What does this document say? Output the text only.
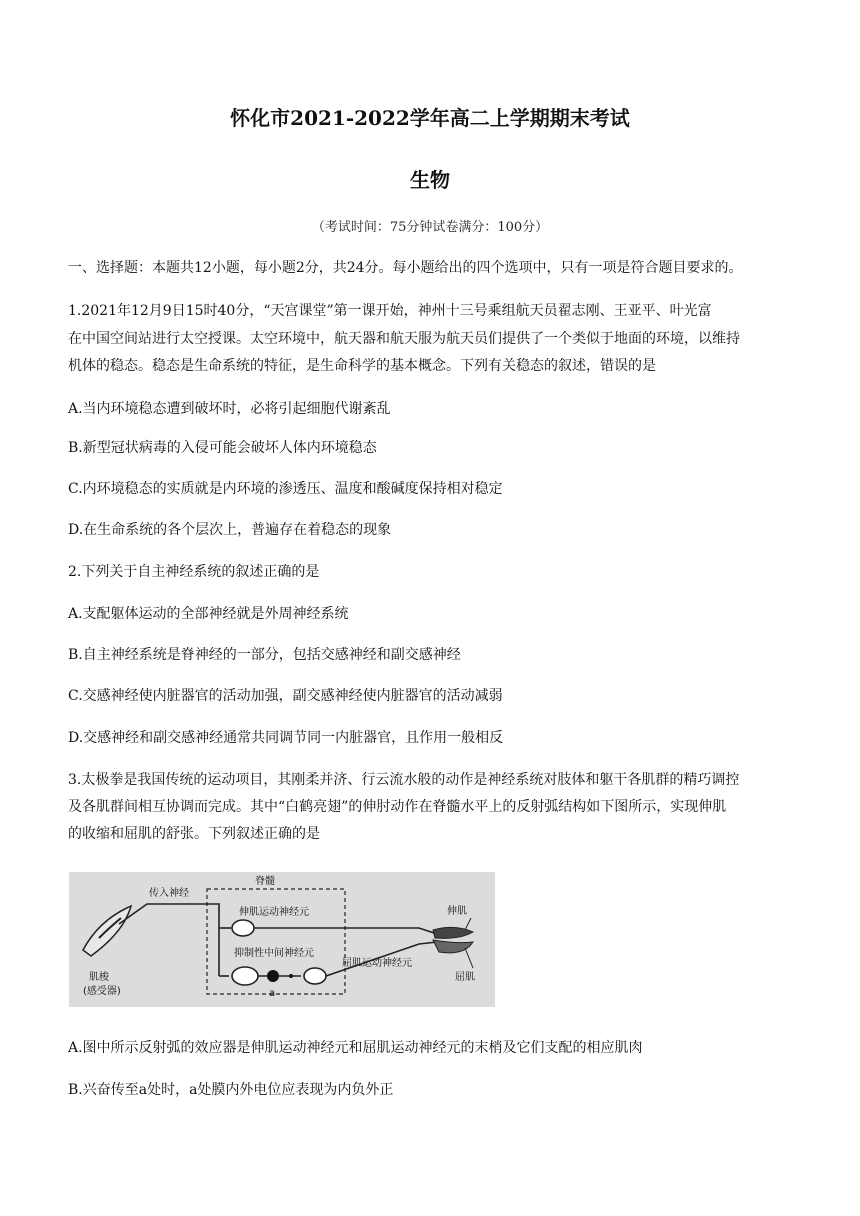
怀化市2021-2022学年高二上学期期末考试
生物
（考试时间：75分钟试卷满分：100分）
一、选择题：本题共12小题，每小题2分，共24分。每小题给出的四个选项中，只有一项是符合题目要求的。
1.2021年12月9日15时40分，“天宫课堂”第一课开始，神州十三号乘组航天员翟志刚、王亚平、叶光富
在中国空间站进行太空授课。太空环境中，航天器和航天服为航天员们提供了一个类似于地面的环境，以维持
机体的稳态。稳态是生命系统的特征，是生命科学的基本概念。下列有关稳态的叙述，错误的是
A.当内环境稳态遭到破坏时，必将引起细胞代谢紊乱
B.新型冠状病毒的入侵可能会破坏人体内环境稳态
C.内环境稳态的实质就是内环境的渗透压、温度和酸碱度保持相对稳定
D.在生命系统的各个层次上，普遍存在着稳态的现象
2.下列关于自主神经系统的叙述正确的是
A.支配躯体运动的全部神经就是外周神经系统
B.自主神经系统是脊神经的一部分，包括交感神经和副交感神经
C.交感神经使内脏器官的活动加强，副交感神经使内脏器官的活动减弱
D.交感神经和副交感神经通常共同调节同一内脏器官，且作用一般相反
3.太极拳是我国传统的运动项目，其刚柔并济、行云流水般的动作是神经系统对肢体和躯干各肌群的精巧调控
及各肌群间相互协调而完成。其中“白鹤亮翅”的伸肘动作在脊髓水平上的反射弧结构如下图所示，实现伸肌
的收缩和屈肌的舒张。下列叙述正确的是
传入神经
脊髓
伸肌运动神经元
抑制性中间神经元
屈肌运动神经元
肌梭
(感受器)	a
伸肌
屈肌
A.图中所示反射弧的效应器是伸肌运动神经元和屈肌运动神经元的末梢及它们支配的相应肌肉
B.兴奋传至a处时，a处膜内外电位应表现为内负外正
